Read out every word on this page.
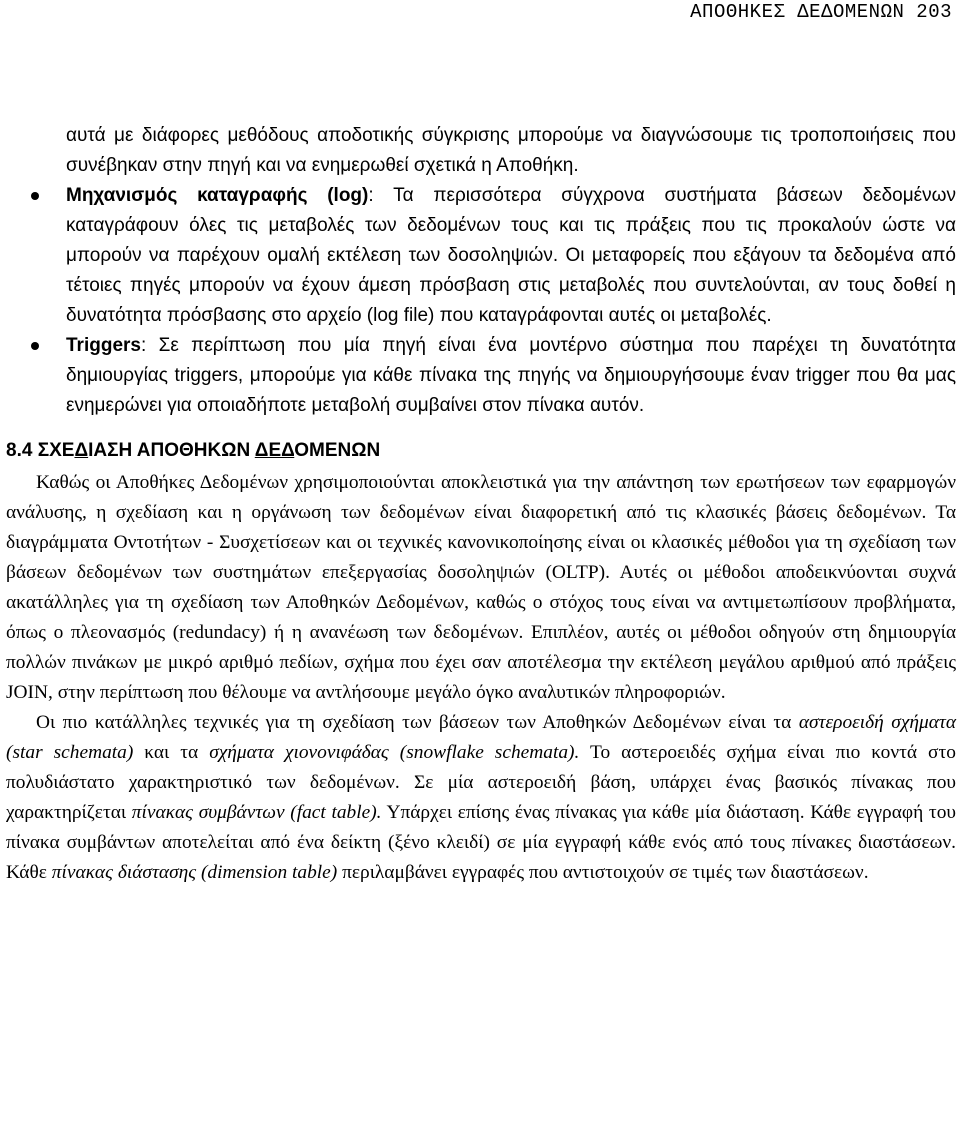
ΑΠΟΘΗΚΕΣ ΔΕΔΟΜΕΝΩΝ 203

αυτά με διάφορες μεθόδους αποδοτικής σύγκρισης μπορούμε να διαγνώσουμε τις τροποποιήσεις που συνέβηκαν στην πηγή και να ενημερωθεί σχετικά η Αποθήκη.

Μηχανισμός καταγραφής (log): Τα περισσότερα σύγχρονα συστήματα βάσεων δεδομένων καταγράφουν όλες τις μεταβολές των δεδομένων τους και τις πράξεις που τις προκαλούν ώστε να μπορούν να παρέχουν ομαλή εκτέλεση των δοσοληψιών. Οι μεταφορείς που εξάγουν τα δεδομένα από τέτοιες πηγές μπορούν να έχουν άμεση πρόσβαση στις μεταβολές που συντελούνται, αν τους δοθεί η δυνατότητα πρόσβασης στο αρχείο (log file) που καταγράφονται αυτές οι μεταβολές.

Triggers: Σε περίπτωση που μία πηγή είναι ένα μοντέρνο σύστημα που παρέχει τη δυνατότητα δημιουργίας triggers, μπορούμε για κάθε πίνακα της πηγής να δημιουργήσουμε έναν trigger που θα μας ενημερώνει για οποιαδήποτε μεταβολή συμβαίνει στον πίνακα αυτόν.

8.4 ΣΧΕΔΙΑΣΗ ΑΠΟΘΗΚΩΝ ΔΕΔΟΜΕΝΩΝ

Καθώς οι Αποθήκες Δεδομένων χρησιμοποιούνται αποκλειστικά για την απάντηση των ερωτήσεων των εφαρμογών ανάλυσης, η σχεδίαση και η οργάνωση των δεδομένων είναι διαφορετική από τις κλασικές βάσεις δεδομένων. Τα διαγράμματα Οντοτήτων - Συσχετίσεων και οι τεχνικές κανονικοποίησης είναι οι κλασικές μέθοδοι για τη σχεδίαση των βάσεων δεδομένων των συστημάτων επεξεργασίας δοσοληψιών (OLTP). Αυτές οι μέθοδοι αποδεικνύονται συχνά ακατάλληλες για τη σχεδίαση των Αποθηκών Δεδομένων, καθώς ο στόχος τους είναι να αντιμετωπίσουν προβλήματα, όπως ο πλεονασμός (redundacy) ή η ανανέωση των δεδομένων. Επιπλέον, αυτές οι μέθοδοι οδηγούν στη δημιουργία πολλών πινάκων με μικρό αριθμό πεδίων, σχήμα που έχει σαν αποτέλεσμα την εκτέλεση μεγάλου αριθμού από πράξεις JOIN, στην περίπτωση που θέλουμε να αντλήσουμε μεγάλο όγκο αναλυτικών πληροφοριών.

Οι πιο κατάλληλες τεχνικές για τη σχεδίαση των βάσεων των Αποθηκών Δεδομένων είναι τα αστεροειδή σχήματα (star schemata) και τα σχήματα χιονονιφάδας (snowflake schemata). Το αστεροειδές σχήμα είναι πιο κοντά στο πολυδιάστατο χαρακτηριστικό των δεδομένων. Σε μία αστεροειδή βάση, υπάρχει ένας βασικός πίνακας που χαρακτηρίζεται πίνακας συμβάντων (fact table). Υπάρχει επίσης ένας πίνακας για κάθε μία διάσταση. Κάθε εγγραφή του πίνακα συμβάντων αποτελείται από ένα δείκτη (ξένο κλειδί) σε μία εγγραφή κάθε ενός από τους πίνακες διαστάσεων. Κάθε πίνακας διάστασης (dimension table) περιλαμβάνει εγγραφές που αντιστοιχούν σε τιμές των διαστάσεων.
